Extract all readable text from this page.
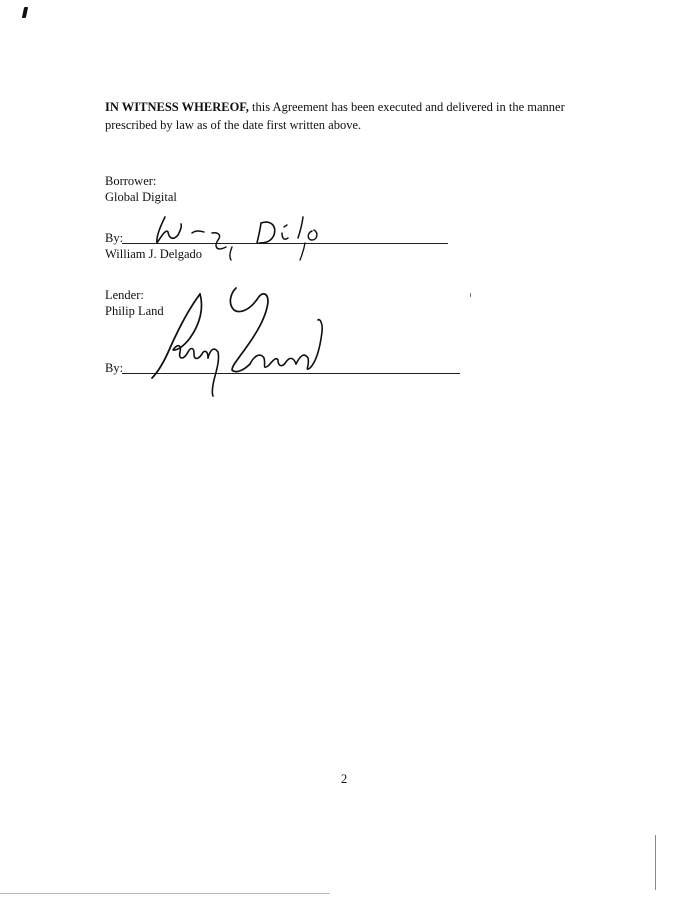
IN WITNESS WHEREOF, this Agreement has been executed and delivered in the manner prescribed by law as of the date first written above.

Borrower:
Global Digital
By:
William J. Delgado
Lender:
Philip Land
By:
2
